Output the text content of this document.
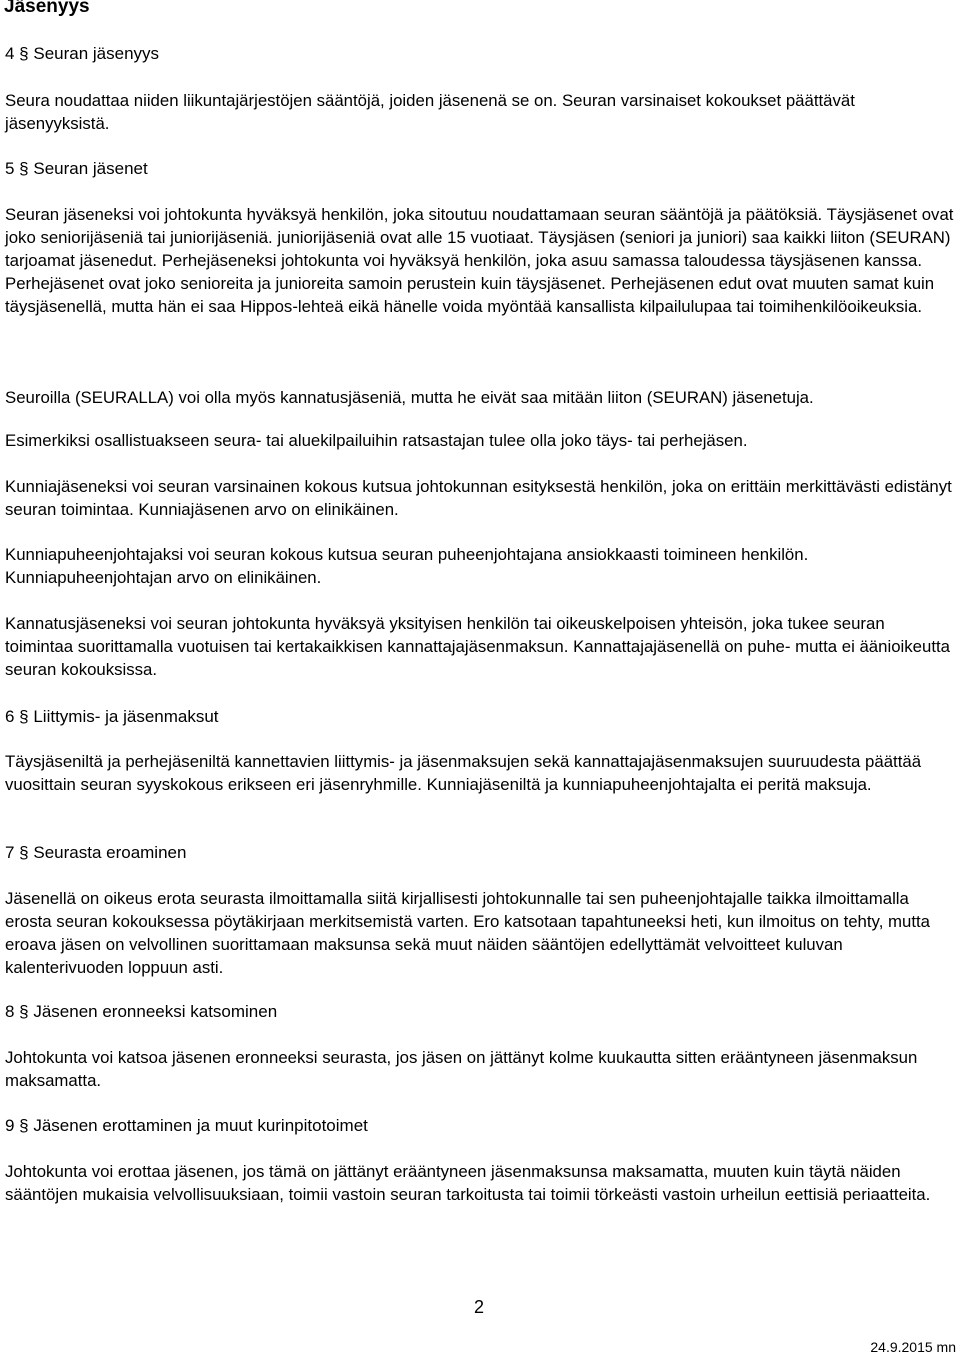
Jäsenyys
4 § Seuran jäsenyys
Seura noudattaa niiden liikuntajärjestöjen sääntöjä, joiden jäsenenä se on. Seuran varsinaiset kokoukset päättävät jäsenyyksistä.
5 § Seuran jäsenet
Seuran jäseneksi voi johtokunta hyväksyä henkilön, joka sitoutuu noudattamaan seuran sääntöjä ja päätöksiä. Täysjäsenet ovat joko seniorijäseniä tai juniorijäseniä. juniorijäseniä ovat alle 15 vuotiaat. Täysjäsen (seniori ja juniori) saa kaikki liiton (SEURAN) tarjoamat jäsenedut. Perhejäseneksi johtokunta voi hyväksyä henkilön, joka asuu samassa taloudessa täysjäsenen kanssa. Perhejäsenet ovat joko senioreita ja junioreita samoin perustein kuin täysjäsenet. Perhejäsenen edut ovat muuten samat kuin täysjäsenellä, mutta hän ei saa Hippos-lehteä eikä hänelle voida myöntää kansallista kilpailulupaa tai toimihenkilöoikeuksia.
Seuroilla (SEURALLA) voi olla myös kannatusjäseniä, mutta he eivät saa mitään liiton (SEURAN) jäsenetuja.
Esimerkiksi osallistuakseen seura- tai aluekilpailuihin ratsastajan tulee olla joko täys- tai perhejäsen.
Kunniajäseneksi voi seuran varsinainen kokous kutsua johtokunnan esityksestä henkilön, joka on erittäin merkittävästi edistänyt seuran toimintaa. Kunniajäsenen arvo on elinikäinen.
Kunniapuheenjohtajaksi voi seuran kokous kutsua seuran puheenjohtajana ansiokkaasti toimineen henkilön. Kunniapuheenjohtajan arvo on elinikäinen.
Kannatusjäseneksi voi seuran johtokunta hyväksyä yksityisen henkilön tai oikeuskelpoisen yhteisön, joka tukee seuran toimintaa suorittamalla vuotuisen tai kertakaikkisen kannattajajäsenmaksun. Kannattajajäsenellä on puhe- mutta ei äänioikeutta seuran kokouksissa.
6 § Liittymis- ja jäsenmaksut
Täysjäseniltä ja perhejäseniltä kannettavien liittymis- ja jäsenmaksujen sekä kannattajajäsenmaksujen suuruudesta päättää vuosittain seuran syyskokous erikseen eri jäsenryhmille. Kunniajäseniltä ja kunniapuheenjohtajalta ei peritä maksuja.
7 § Seurasta eroaminen
Jäsenellä on oikeus erota seurasta ilmoittamalla siitä kirjallisesti johtokunnalle tai sen puheenjohtajalle taikka ilmoittamalla erosta seuran kokouksessa pöytäkirjaan merkitsemistä varten. Ero katsotaan tapahtuneeksi heti, kun ilmoitus on tehty, mutta eroava jäsen on velvollinen suorittamaan maksunsa sekä muut näiden sääntöjen edellyttämät velvoitteet kuluvan kalenterivuoden loppuun asti.
8 § Jäsenen eronneeksi katsominen
Johtokunta voi katsoa jäsenen eronneeksi seurasta, jos jäsen on jättänyt kolme kuukautta sitten erääntyneen jäsenmaksun maksamatta.
9 § Jäsenen erottaminen ja muut kurinpitotoimet
Johtokunta voi erottaa jäsenen, jos tämä on jättänyt erääntyneen jäsenmaksunsa maksamatta, muuten kuin täytä näiden sääntöjen mukaisia velvollisuuksiaan, toimii vastoin seuran tarkoitusta tai toimii törkeästi vastoin urheilun eettisiä periaatteita.
2
24.9.2015 mn
